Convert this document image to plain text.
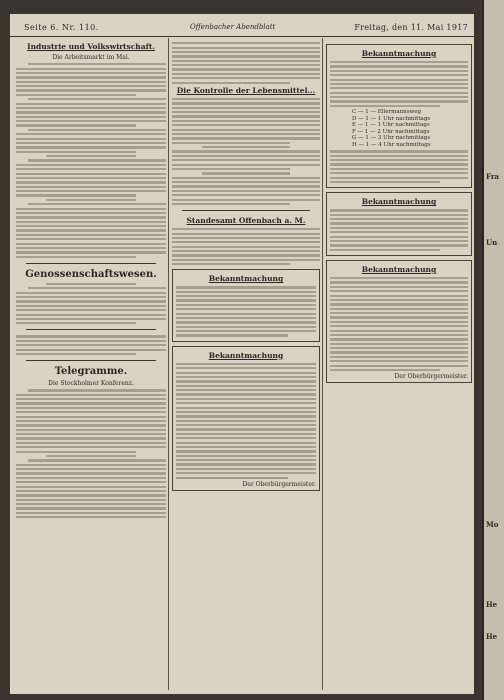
Seite 6. Nr. 110.	Offenbacher Abendblatt	Freitag, den 11. Mai 1917
Industrie und Volkswirtschaft.
Die Arbeitsmarkt im Mai.
Genossenschaftswesen.
Telegramme.
Die Stockholmer Konferenz.
Die Kontrolle der Lebensmittel...
Standesamt Offenbach a. M.
Bekanntmachung
Bekanntmachung
Der Oberbürgermeister.
Bekanntmachung
C — 1 — Ellermannsweg
D — 1 — 1 Uhr nachmittags
E — 1 — 1 Uhr nachmittags
F — 1 — 2 Uhr nachmittags
G — 1 — 3 Uhr nachmittags
H — 1 — 4 Uhr nachmittags
Bekanntmachung
Bekanntmachung
Der Oberbürgermeister.
Fra
Un
Mo
He
He
